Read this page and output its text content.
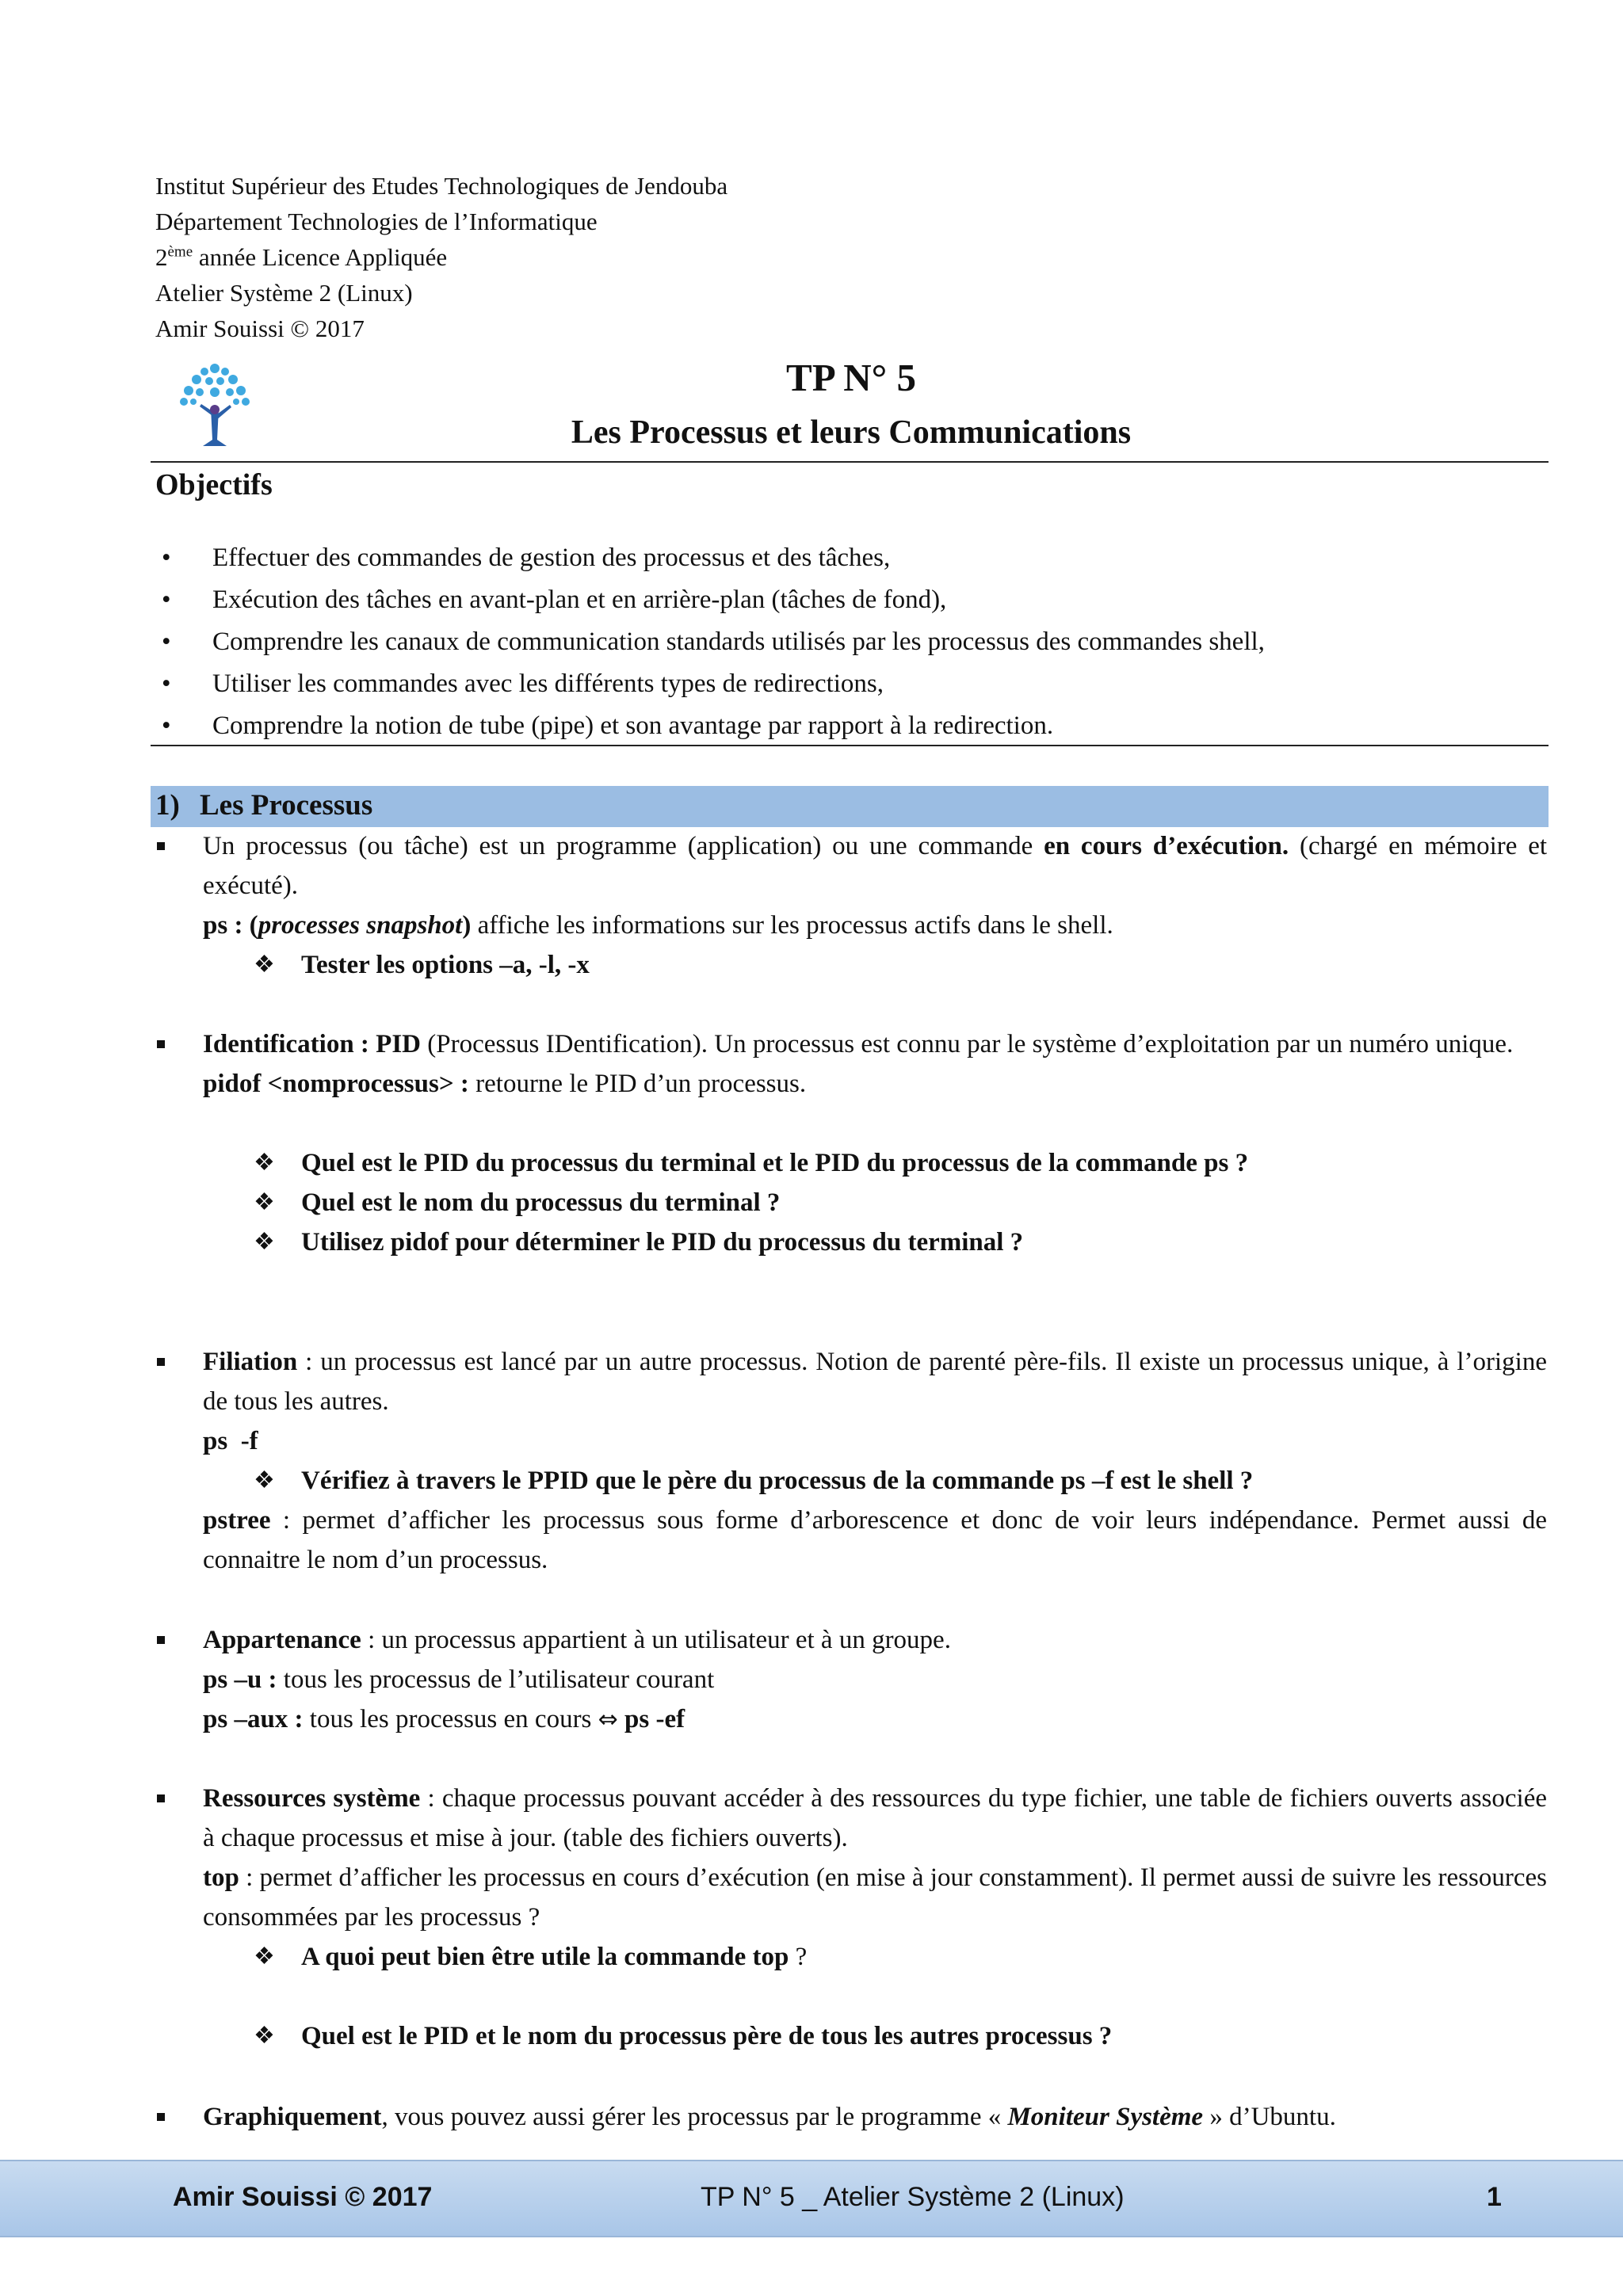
Institut Supérieur des Etudes Technologiques de Jendouba
Département Technologies de l’Informatique
2ème année Licence Appliquée
Atelier Système 2 (Linux)
Amir Souissi © 2017
TP N° 5
Les Processus et leurs Communications
Objectifs
• Effectuer des commandes de gestion des processus et des tâches,
• Exécution des tâches en avant-plan et en arrière-plan (tâches de fond),
• Comprendre les canaux de communication standards utilisés par les processus des commandes shell,
• Utiliser les commandes avec les différents types de redirections,
• Comprendre la notion de tube (pipe) et son avantage par rapport à la redirection.
1) Les Processus

Un processus (ou tâche) est un programme (application) ou une commande en cours d’exécution. (chargé en mémoire et exécuté).

ps : (processes snapshot) affiche les informations sur les processus actifs dans le shell.

❖ Tester les options –a, -l, -x

Identification : PID (Processus IDentification). Un processus est connu par le système d’exploitation par un numéro unique.

pidof <nomprocessus> : retourne le PID d’un processus.

❖ Quel est le PID du processus du terminal et le PID du processus de la commande ps ?

❖ Quel est le nom du processus du terminal ?

❖ Utilisez pidof pour déterminer le PID du processus du terminal ?

Filiation : un processus est lancé par un autre processus. Notion de parenté père-fils. Il existe un processus unique, à l’origine de tous les autres.

ps  -f

❖ Vérifiez à travers le PPID que le père du processus de la commande ps –f est le shell ?

pstree : permet d’afficher les processus sous forme d’arborescence et donc de voir leurs indépendance. Permet aussi de connaitre le nom d’un processus.

Appartenance : un processus appartient à un utilisateur et à un groupe.

ps –u : tous les processus de l’utilisateur courant

ps –aux : tous les processus en cours ⇔ ps -ef

Ressources système : chaque processus pouvant accéder à des ressources du type fichier, une table de fichiers ouverts associée à chaque processus et mise à jour. (table des fichiers ouverts).

top : permet d’afficher les processus en cours d’exécution (en mise à jour constamment). Il permet aussi de suivre les ressources consommées par les processus ?

❖ A quoi peut bien être utile la commande top ?

❖ Quel est le PID et le nom du processus père de tous les autres processus ?

Graphiquement, vous pouvez aussi gérer les processus par le programme « Moniteur Système » d’Ubuntu.

Amir Souissi © 2017	TP N° 5 _ Atelier Système 2 (Linux)	1
